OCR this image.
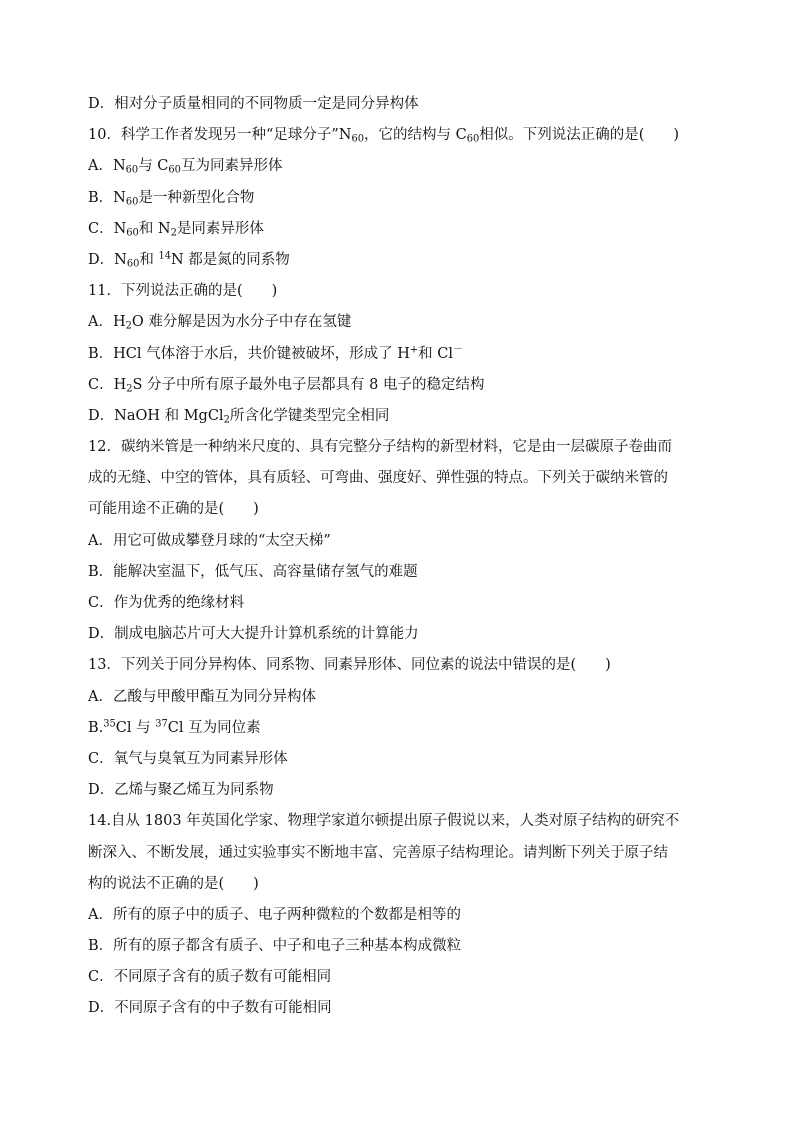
D．相对分子质量相同的不同物质一定是同分异构体
10．科学工作者发现另一种“足球分子$”N_{60}$，它的结构与 $C_{60}$相似。下列说法正确的是(　　)
A．$N_{60}$与 $C_{60}$互为同素异形体
B．$N_{60}$是一种新型化合物
C．$N_{60}$和 $N_2$是同素异形体
D．$N_{60}$和 $^{14}$N 都是氮的同系物
11．下列说法正确的是(　　)
A．$H_2O$ 难分解是因为水分子中存在氢键
B．HCl 气体溶于水后，共价键被破坏，形成了 H+和 Cl－
C．$H_2S$ 分子中所有原子最外电子层都具有 8 电子的稳定结构
D．NaOH 和 MgCl$_2$所含化学键类型完全相同
12．碳纳米管是一种纳米尺度的、具有完整分子结构的新型材料，它是由一层碳原子卷曲而
成的无缝、中空的管体，具有质轻、可弯曲、强度好、弹性强的特点。下列关于碳纳米管的
可能用途不正确的是(　　)
A．用它可做成攀登月球的“太空天梯”
B．能解决室温下，低气压、高容量储存氢气的难题
C．作为优秀的绝缘材料
D．制成电脑芯片可大大提升计算机系统的计算能力
13．下列关于同分异构体、同系物、同素异形体、同位素的说法中错误的是(　　)
A．乙酸与甲酸甲酯互为同分异构体
B.$^{35}$Cl 与 $^{37}$Cl 互为同位素
C．氧气与臭氧互为同素异形体
D．乙烯与聚乙烯互为同系物
14.自从 1803 年英国化学家、物理学家道尔顿提出原子假说以来，人类对原子结构的研究不
断深入、不断发展，通过实验事实不断地丰富、完善原子结构理论。请判断下列关于原子结
构的说法不正确的是(　　)
A．所有的原子中的质子、电子两种微粒的个数都是相等的
B．所有的原子都含有质子、中子和电子三种基本构成微粒
C．不同原子含有的质子数有可能相同
D．不同原子含有的中子数有可能相同
